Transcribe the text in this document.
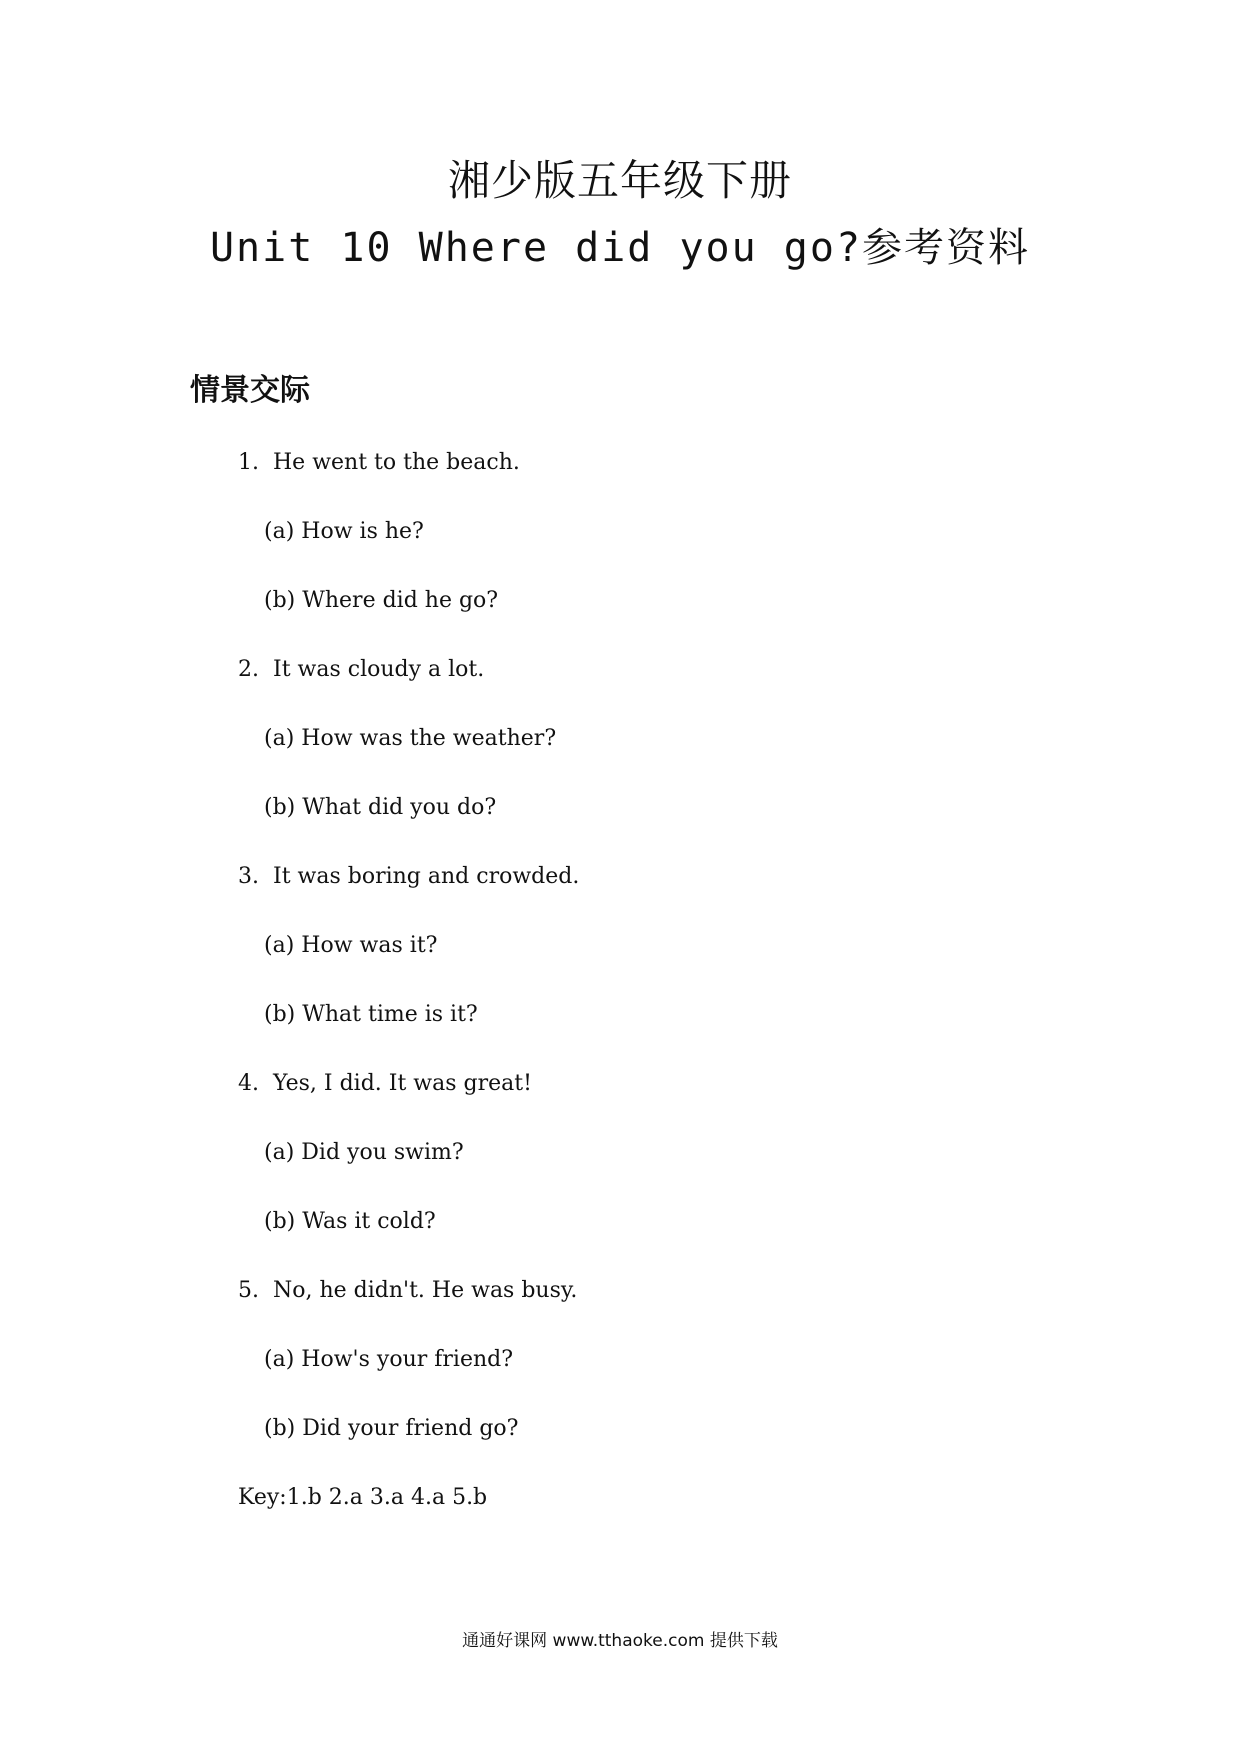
湘少版五年级下册
Unit 10 Where did you go?参考资料
情景交际
1. He went to the beach.
(a) How is he?
(b) Where did he go?
2. It was cloudy a lot.
(a) How was the weather?
(b) What did you do?
3. It was boring and crowded.
(a) How was it?
(b) What time is it?
4. Yes, I did. It was great!
(a) Did you swim?
(b) Was it cold?
5. No, he didn't. He was busy.
(a) How's your friend?
(b) Did your friend go?
Key:1.b 2.a 3.a 4.a 5.b
通通好课网 www.tthaoke.com 提供下载
